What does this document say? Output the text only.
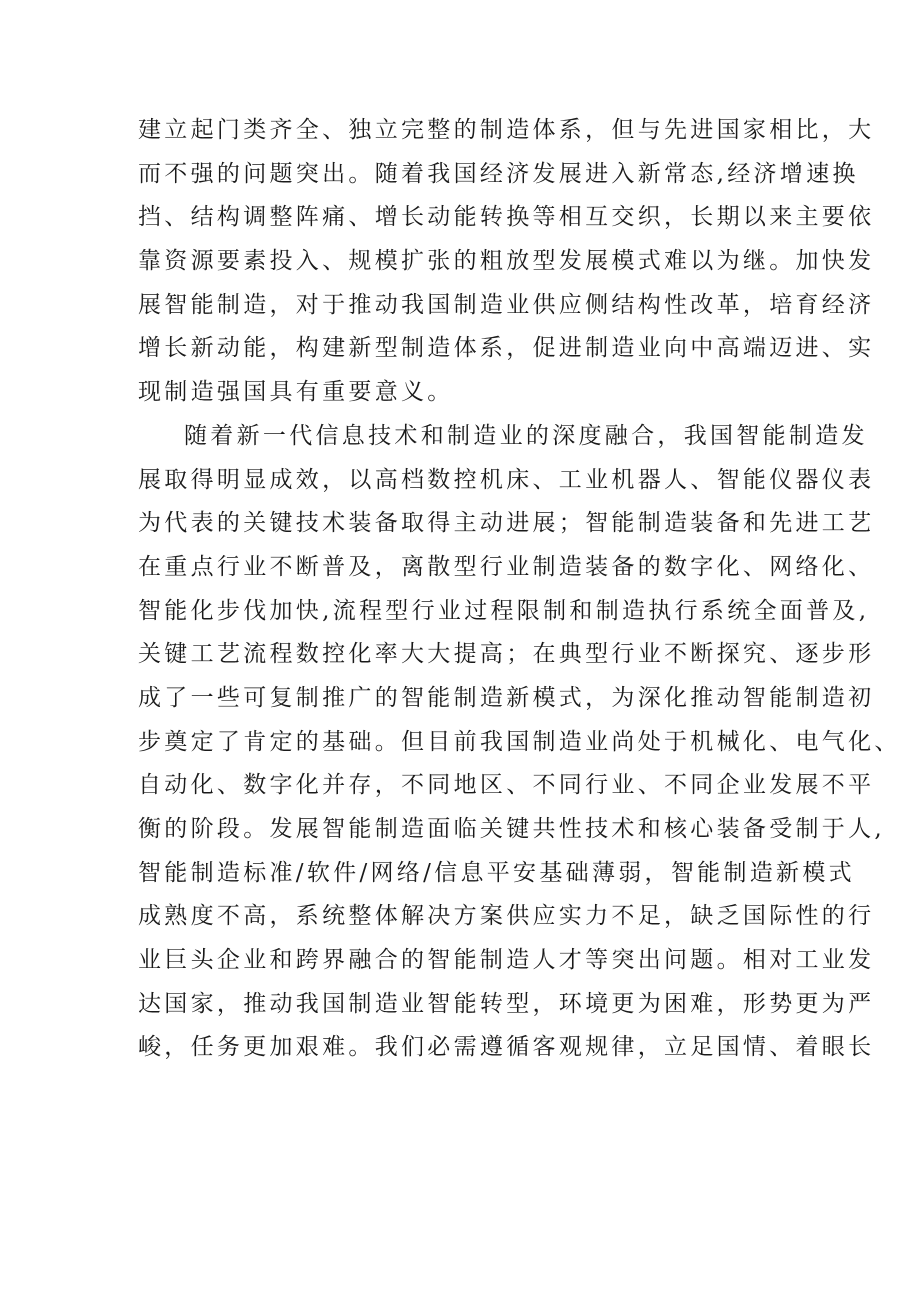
建立起门类齐全、独立完整的制造体系，但与先进国家相比，大
而不强的问题突出。随着我国经济发展进入新常态,经济增速换
挡、结构调整阵痛、增长动能转换等相互交织，长期以来主要依
靠资源要素投入、规模扩张的粗放型发展模式难以为继。加快发
展智能制造，对于推动我国制造业供应侧结构性改革，培育经济
增长新动能，构建新型制造体系，促进制造业向中高端迈进、实
现制造强国具有重要意义。
随着新一代信息技术和制造业的深度融合，我国智能制造发
展取得明显成效，以高档数控机床、工业机器人、智能仪器仪表
为代表的关键技术装备取得主动进展；智能制造装备和先进工艺
在重点行业不断普及，离散型行业制造装备的数字化、网络化、
智能化步伐加快,流程型行业过程限制和制造执行系统全面普及,
关键工艺流程数控化率大大提高；在典型行业不断探究、逐步形
成了一些可复制推广的智能制造新模式，为深化推动智能制造初
步奠定了肯定的基础。但目前我国制造业尚处于机械化、电气化、
自动化、数字化并存，不同地区、不同行业、不同企业发展不平
衡的阶段。发展智能制造面临关键共性技术和核心装备受制于人,
智能制造标准/软件/网络/信息平安基础薄弱，智能制造新模式
成熟度不高，系统整体解决方案供应实力不足，缺乏国际性的行
业巨头企业和跨界融合的智能制造人才等突出问题。相对工业发
达国家，推动我国制造业智能转型，环境更为困难，形势更为严
峻，任务更加艰难。我们必需遵循客观规律，立足国情、着眼长
